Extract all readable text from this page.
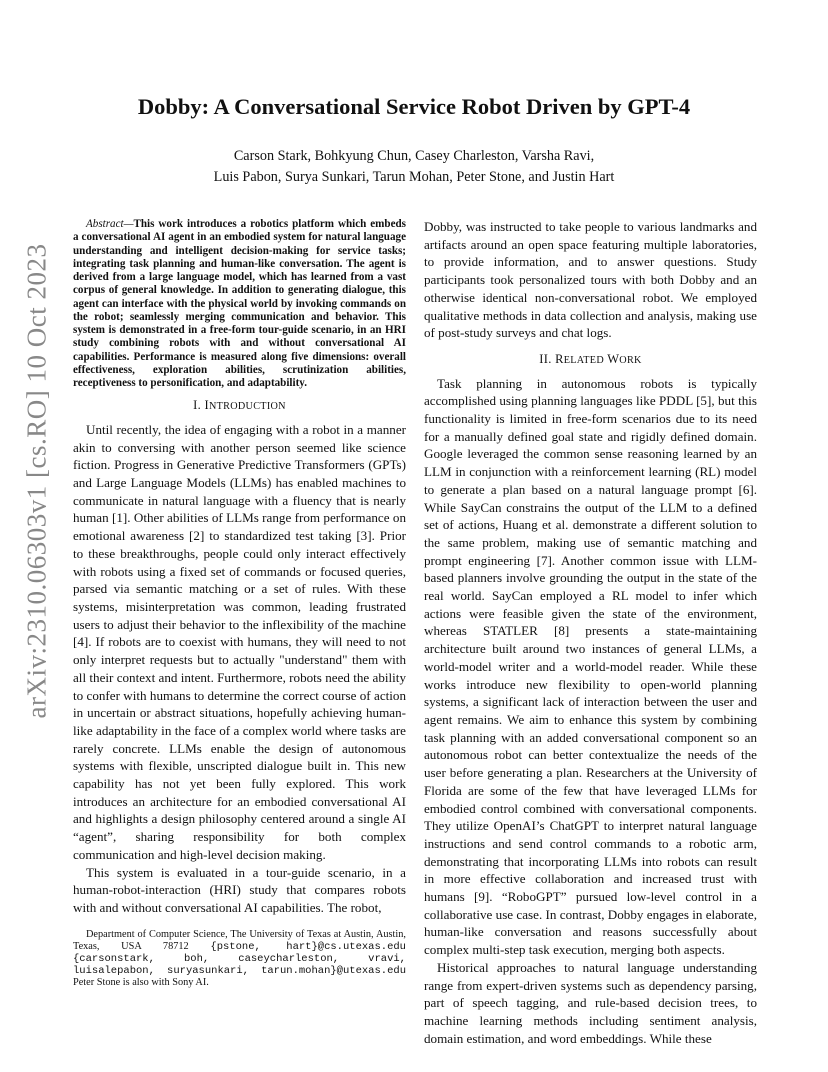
arXiv:2310.06303v1 [cs.RO] 10 Oct 2023
Dobby: A Conversational Service Robot Driven by GPT-4
Carson Stark, Bohkyung Chun, Casey Charleston, Varsha Ravi,
Luis Pabon, Surya Sunkari, Tarun Mohan, Peter Stone, and Justin Hart

Abstract—This work introduces a robotics platform which embeds a conversational AI agent in an embodied system for natural language understanding and intelligent decision-making for service tasks; integrating task planning and human-like conversation. The agent is derived from a large language model, which has learned from a vast corpus of general knowledge. In addition to generating dialogue, this agent can interface with the physical world by invoking commands on the robot; seamlessly merging communication and behavior. This system is demonstrated in a free-form tour-guide scenario, in an HRI study combining robots with and without conversational AI capabilities. Performance is measured along five dimensions: overall effectiveness, exploration abilities, scrutinization abilities, receptiveness to personification, and adaptability.

I. INTRODUCTION

Until recently, the idea of engaging with a robot in a manner akin to conversing with another person seemed like science fiction. Progress in Generative Predictive Transformers (GPTs) and Large Language Models (LLMs) has enabled machines to communicate in natural language with a fluency that is nearly human [1]. Other abilities of LLMs range from performance on emotional awareness [2] to standardized test taking [3]. Prior to these breakthroughs, people could only interact effectively with robots using a fixed set of commands or focused queries, parsed via semantic matching or a set of rules. With these systems, misinterpretation was common, leading frustrated users to adjust their behavior to the inflexibility of the machine [4]. If robots are to coexist with humans, they will need to not only interpret requests but to actually "understand" them with all their context and intent. Furthermore, robots need the ability to confer with humans to determine the correct course of action in uncertain or abstract situations, hopefully achieving human-like adaptability in the face of a complex world where tasks are rarely concrete. LLMs enable the design of autonomous systems with flexible, unscripted dialogue built in. This new capability has not yet been fully explored. This work introduces an architecture for an embodied conversational AI and highlights a design philosophy centered around a single AI “agent”, sharing responsibility for both complex communication and high-level decision making.

This system is evaluated in a tour-guide scenario, in a human-robot-interaction (HRI) study that compares robots with and without conversational AI capabilities. The robot,

Department of Computer Science, The University of Texas at Austin, Austin, Texas, USA 78712 {pstone, hart}@cs.utexas.edu {carsonstark, boh, caseycharleston, vravi, luisalepabon, suryasunkari, tarun.mohan}@utexas.edu Peter Stone is also with Sony AI.

Dobby, was instructed to take people to various landmarks and artifacts around an open space featuring multiple laboratories, to provide information, and to answer questions. Study participants took personalized tours with both Dobby and an otherwise identical non-conversational robot. We employed qualitative methods in data collection and analysis, making use of post-study surveys and chat logs.

II. RELATED WORK

Task planning in autonomous robots is typically accomplished using planning languages like PDDL [5], but this functionality is limited in free-form scenarios due to its need for a manually defined goal state and rigidly defined domain. Google leveraged the common sense reasoning learned by an LLM in conjunction with a reinforcement learning (RL) model to generate a plan based on a natural language prompt [6]. While SayCan constrains the output of the LLM to a defined set of actions, Huang et al. demonstrate a different solution to the same problem, making use of semantic matching and prompt engineering [7]. Another common issue with LLM-based planners involve grounding the output in the state of the real world. SayCan employed a RL model to infer which actions were feasible given the state of the environment, whereas STATLER [8] presents a state-maintaining architecture built around two instances of general LLMs, a world-model writer and a world-model reader. While these works introduce new flexibility to open-world planning systems, a significant lack of interaction between the user and agent remains. We aim to enhance this system by combining task planning with an added conversational component so an autonomous robot can better contextualize the needs of the user before generating a plan. Researchers at the University of Florida are some of the few that have leveraged LLMs for embodied control combined with conversational components. They utilize OpenAI’s ChatGPT to interpret natural language instructions and send control commands to a robotic arm, demonstrating that incorporating LLMs into robots can result in more effective collaboration and increased trust with humans [9]. “RoboGPT” pursued low-level control in a collaborative use case. In contrast, Dobby engages in elaborate, human-like conversation and reasons successfully about complex multi-step task execution, merging both aspects.

Historical approaches to natural language understanding range from expert-driven systems such as dependency parsing, part of speech tagging, and rule-based decision trees, to machine learning methods including sentiment analysis, domain estimation, and word embeddings. While these
